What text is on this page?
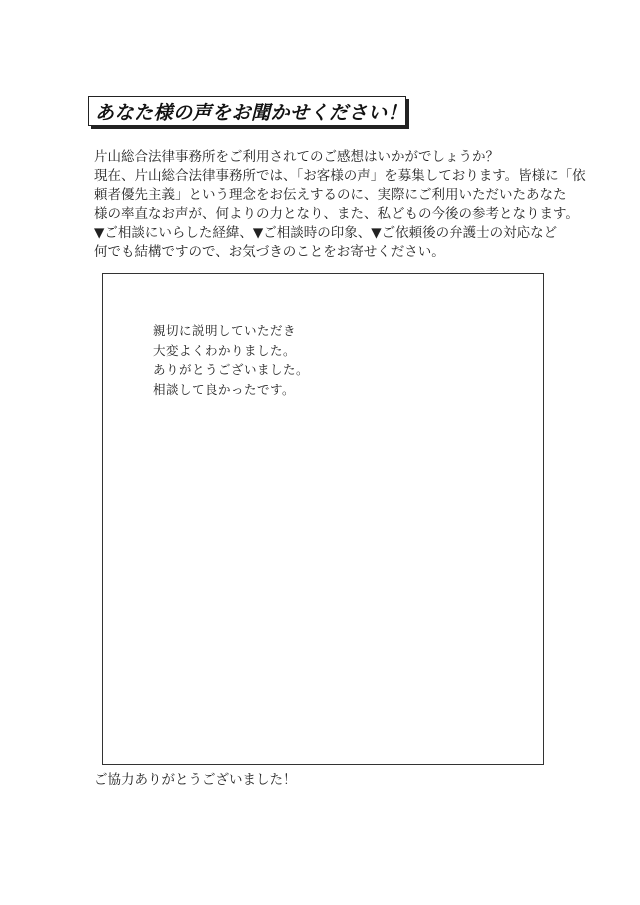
あなた様の声をお聞かせください！
片山総合法律事務所をご利用されてのご感想はいかがでしょうか？
現在、片山総合法律事務所では、「お客様の声」を募集しております。皆様に「依
頼者優先主義」という理念をお伝えするのに、実際にご利用いただいたあなた
様の率直なお声が、何よりの力となり、また、私どもの今後の参考となります。
▼ご相談にいらした経緯、▼ご相談時の印象、▼ご依頼後の弁護士の対応など
何でも結構ですので、お気づきのことをお寄せください。
親切に説明していただき
大変よくわかりました。
ありがとうございました。
相談して良かったです。
ご協力ありがとうございました！
